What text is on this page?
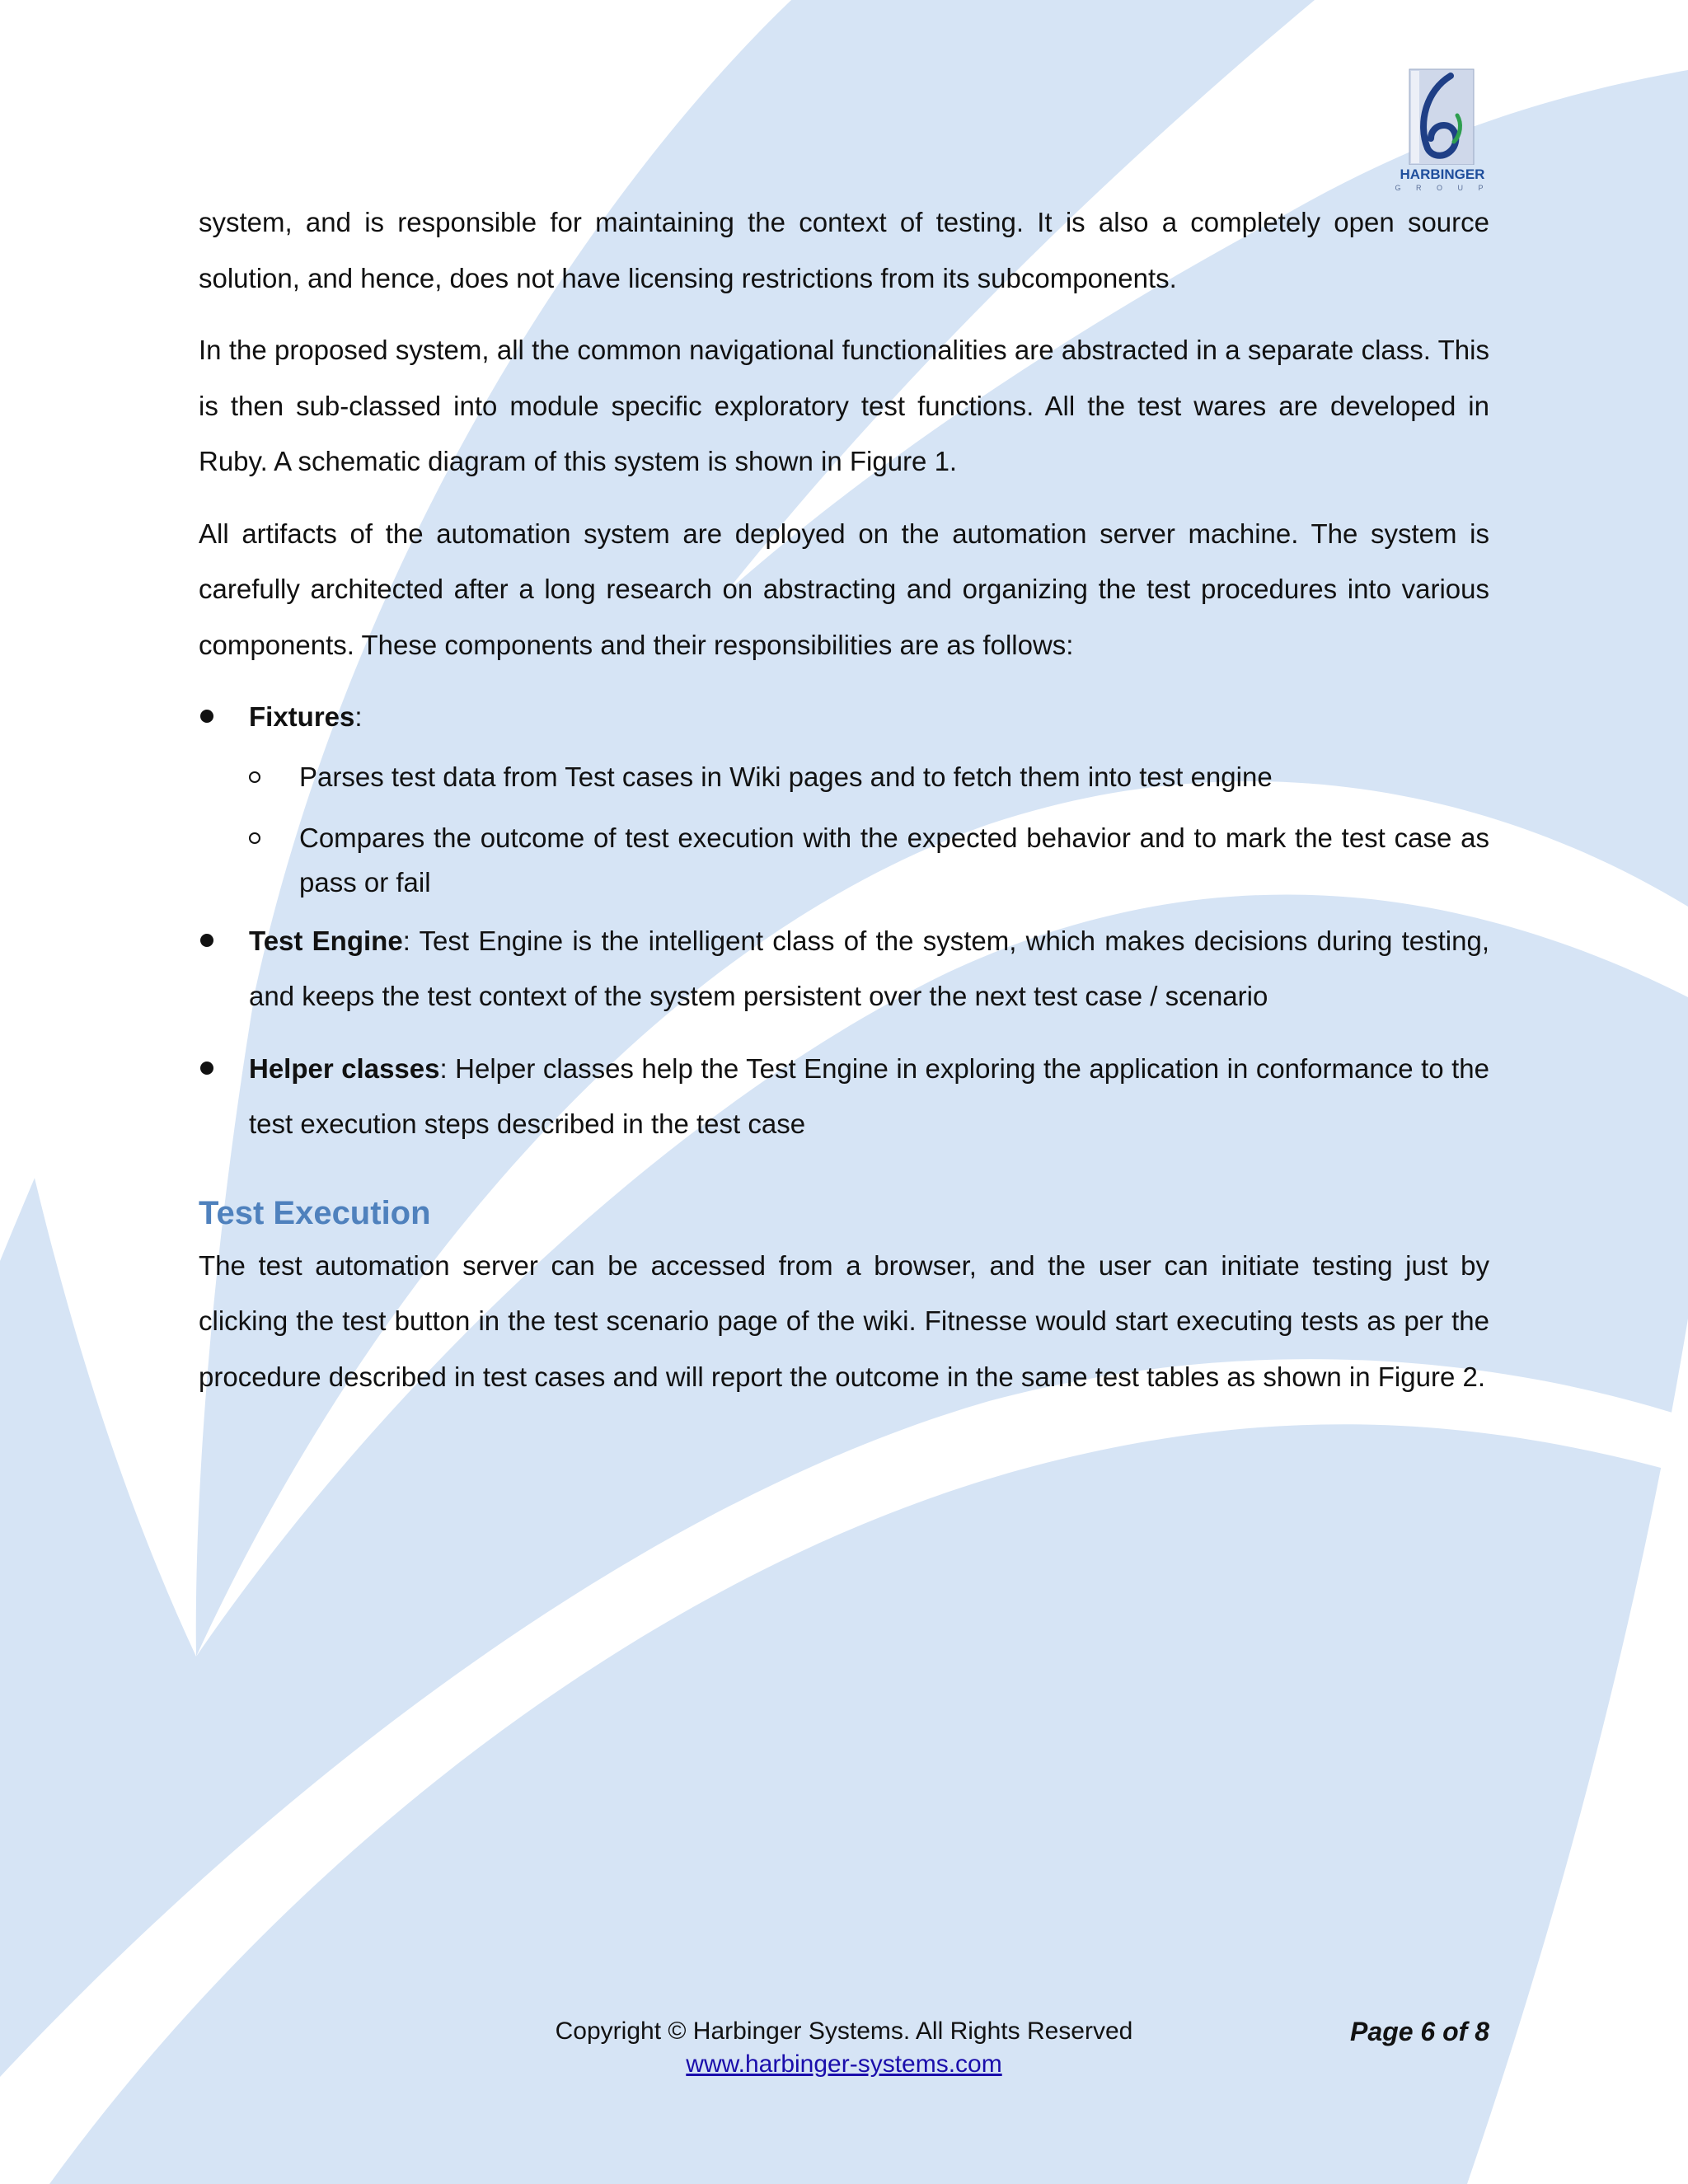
HARBINGER
G R O U P

system, and is responsible for maintaining the context of testing. It is also a completely open source solution, and hence, does not have licensing restrictions from its subcomponents.

In the proposed system, all the common navigational functionalities are abstracted in a separate class. This is then sub-classed into module specific exploratory test functions. All the test wares are developed in Ruby. A schematic diagram of this system is shown in Figure 1.

All artifacts of the automation system are deployed on the automation server machine. The system is carefully architected after a long research on abstracting and organizing the test procedures into various components. These components and their responsibilities are as follows:

Fixtures:
Parses test data from Test cases in Wiki pages and to fetch them into test engine
Compares the outcome of test execution with the expected behavior and to mark the test case as pass or fail
Test Engine: Test Engine is the intelligent class of the system, which makes decisions during testing, and keeps the test context of the system persistent over the next test case / scenario
Helper classes: Helper classes help the Test Engine in exploring the application in conformance to the test execution steps described in the test case
Test Execution

The test automation server can be accessed from a browser, and the user can initiate testing just by clicking the test button in the test scenario page of the wiki. Fitnesse would start executing tests as per the procedure described in test cases and will report the outcome in the same test tables as shown in Figure 2.

Copyright © Harbinger Systems. All Rights Reserved
www.harbinger-systems.com
Page 6 of 8
